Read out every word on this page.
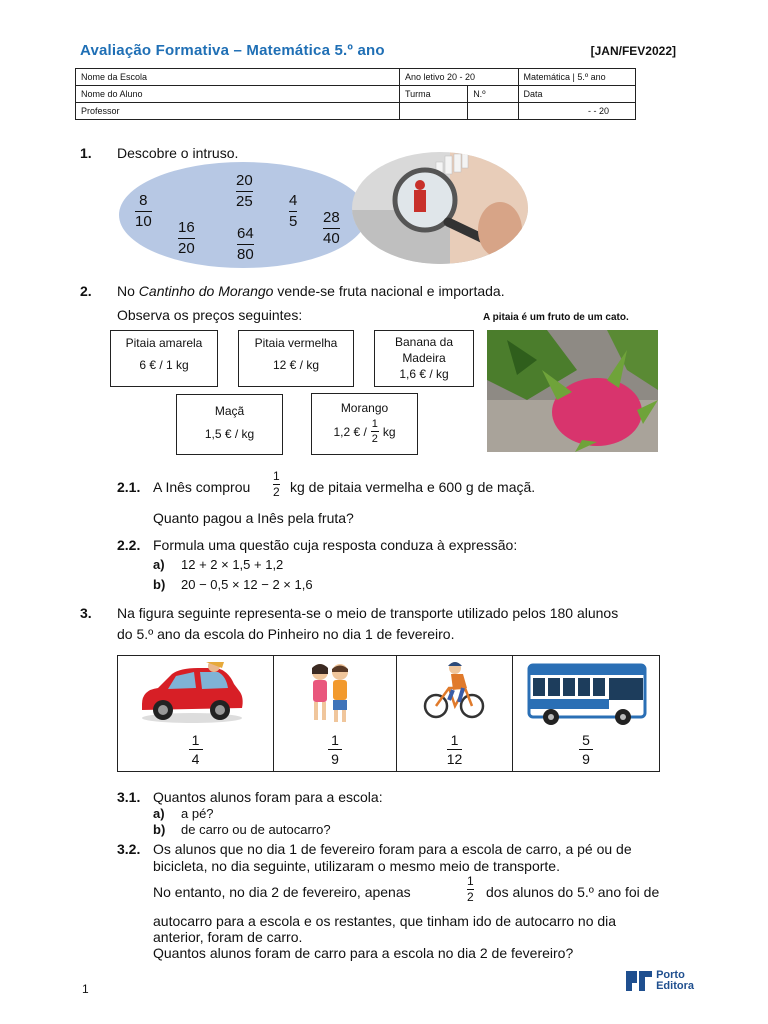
Avaliação Formativa – Matemática 5.º ano	[JAN/FEV2022]
Nome da Escola	Ano letivo 20 - 20		Matemática | 5.º ano
Nome do Aluno	Turma	N.º	Data
Professor			- - 20
1. Descobre o intruso.
8
10 16
20
20
25
64
80
4
5 28
40
2. No Cantinho do Morango vende-se fruta nacional e importada.
Observa os preços seguintes:	A pitaia é um fruto de um cato.
Pitaia amarela
6 € / 1 kg
Pitaia vermelha
12 € / kg
Banana da
Madeira
1,6 € / kg
Maçã
1,5 € / kg
Morango
1,2 € /
1
2
kg
2.1. A Inês comprou
1
2 kg de pitaia vermelha e 600 g de maçã.
Quanto pagou a Inês pela fruta?
2.2. Formula uma questão cuja resposta conduza à expressão:
a) 12 + 2 × 1,5 + 1,2
b) 20 − 0,5 × 12 − 2 × 1,6
3. Na figura seguinte representa-se o meio de transporte utilizado pelos 180 alunos
do 5.º ano da escola do Pinheiro no dia 1 de fevereiro.
$\frac{1}{4}$	$\frac{1}{9}$	$\frac{1}{12}$	$\frac{5}{9}$
3.1. Quantos alunos foram para a escola:
a) a pé?
b) de carro ou de autocarro?
3.2. Os alunos que no dia 1 de fevereiro foram para a escola de carro, a pé ou de
bicicleta, no dia seguinte, utilizaram o mesmo meio de transporte.
No entanto, no dia 2 de fevereiro, apenas
1
2 dos alunos do 5.º ano foi de
autocarro para a escola e os restantes, que tinham ido de autocarro no dia
anterior, foram de carro.
Quantos alunos foram de carro para a escola no dia 2 de fevereiro?
1
Porto
Editora
